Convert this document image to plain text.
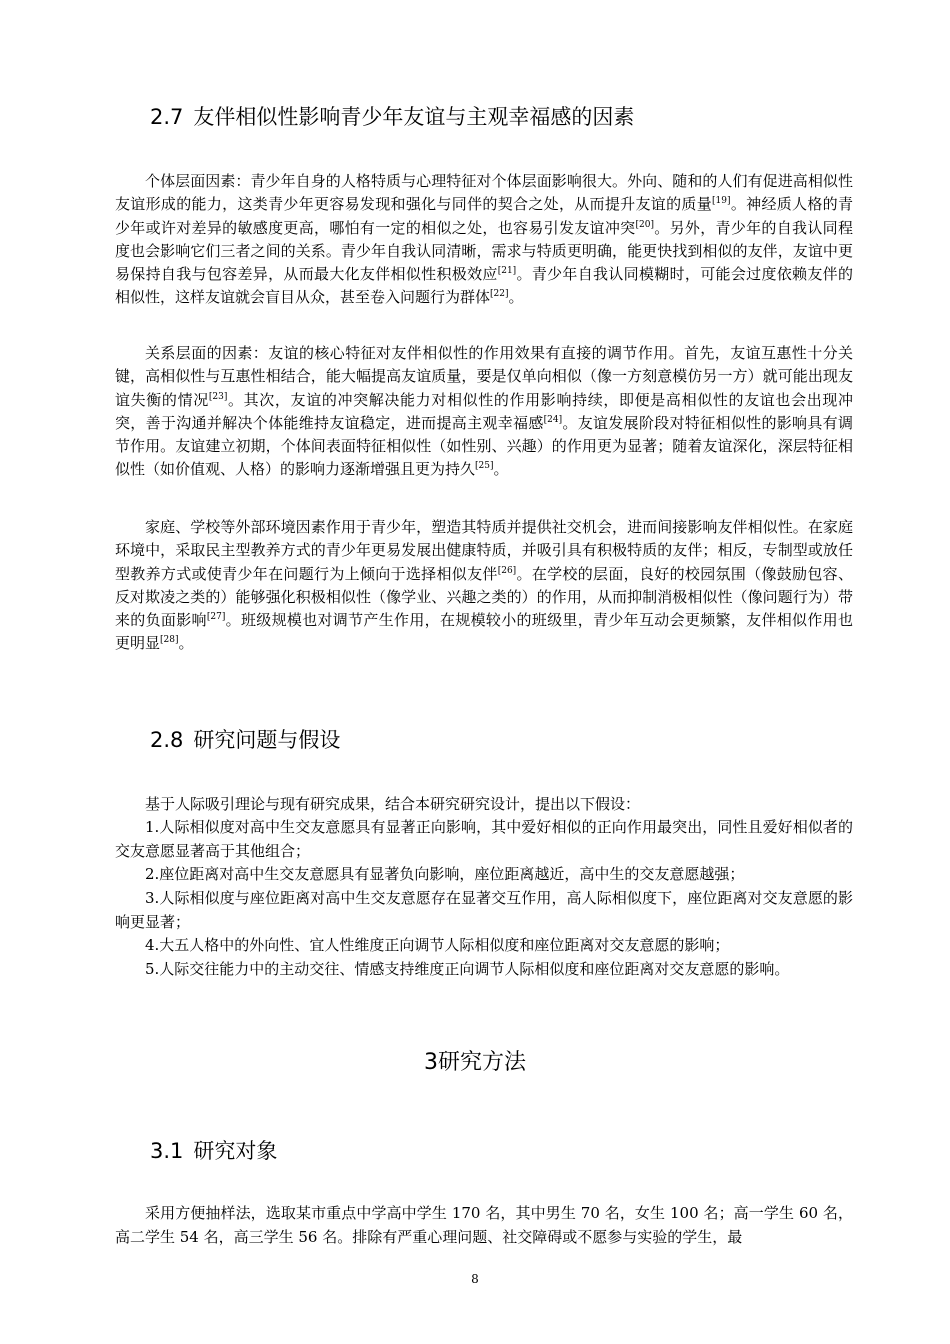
2.7 友伴相似性影响青少年友谊与主观幸福感的因素

个体层面因素：青少年自身的人格特质与心理特征对个体层面影响很大。外向、随和的人们有促进高相似性友谊形成的能力，这类青少年更容易发现和强化与同伴的契合之处，从而提升友谊的质量[19]。神经质人格的青少年或许对差异的敏感度更高，哪怕有一定的相似之处，也容易引发友谊冲突[20]。另外，青少年的自我认同程度也会影响它们三者之间的关系。青少年自我认同清晰，需求与特质更明确，能更快找到相似的友伴，友谊中更易保持自我与包容差异，从而最大化友伴相似性积极效应[21]。青少年自我认同模糊时，可能会过度依赖友伴的相似性，这样友谊就会盲目从众，甚至卷入问题行为群体[22]。

关系层面的因素：友谊的核心特征对友伴相似性的作用效果有直接的调节作用。首先，友谊互惠性十分关键，高相似性与互惠性相结合，能大幅提高友谊质量，要是仅单向相似（像一方刻意模仿另一方）就可能出现友谊失衡的情况[23]。其次，友谊的冲突解决能力对相似性的作用影响持续，即便是高相似性的友谊也会出现冲突，善于沟通并解决个体能维持友谊稳定，进而提高主观幸福感[24]。友谊发展阶段对特征相似性的影响具有调节作用。友谊建立初期，个体间表面特征相似性（如性别、兴趣）的作用更为显著；随着友谊深化，深层特征相似性（如价值观、人格）的影响力逐渐增强且更为持久[25]。

家庭、学校等外部环境因素作用于青少年，塑造其特质并提供社交机会，进而间接影响友伴相似性。在家庭环境中，采取民主型教养方式的青少年更易发展出健康特质，并吸引具有积极特质的友伴；相反，专制型或放任型教养方式或使青少年在问题行为上倾向于选择相似友伴[26]。在学校的层面，良好的校园氛围（像鼓励包容、反对欺凌之类的）能够强化积极相似性（像学业、兴趣之类的）的作用，从而抑制消极相似性（像问题行为）带来的负面影响[27]。班级规模也对调节产生作用，在规模较小的班级里，青少年互动会更频繁，友伴相似作用也更明显[28]。

2.8 研究问题与假设

基于人际吸引理论与现有研究成果，结合本研究研究设计，提出以下假设：

1.人际相似度对高中生交友意愿具有显著正向影响，其中爱好相似的正向作用最突出，同性且爱好相似者的交友意愿显著高于其他组合；

2.座位距离对高中生交友意愿具有显著负向影响，座位距离越近，高中生的交友意愿越强；

3.人际相似度与座位距离对高中生交友意愿存在显著交互作用，高人际相似度下，座位距离对交友意愿的影响更显著；

4.大五人格中的外向性、宜人性维度正向调节人际相似度和座位距离对交友意愿的影响；

5.人际交往能力中的主动交往、情感支持维度正向调节人际相似度和座位距离对交友意愿的影响。

3研究方法
3.1 研究对象

采用方便抽样法，选取某市重点中学高中学生 170 名，其中男生 70 名，女生 100 名；高一学生 60 名，高二学生 54 名，高三学生 56 名。排除有严重心理问题、社交障碍或不愿参与实验的学生，最

8
